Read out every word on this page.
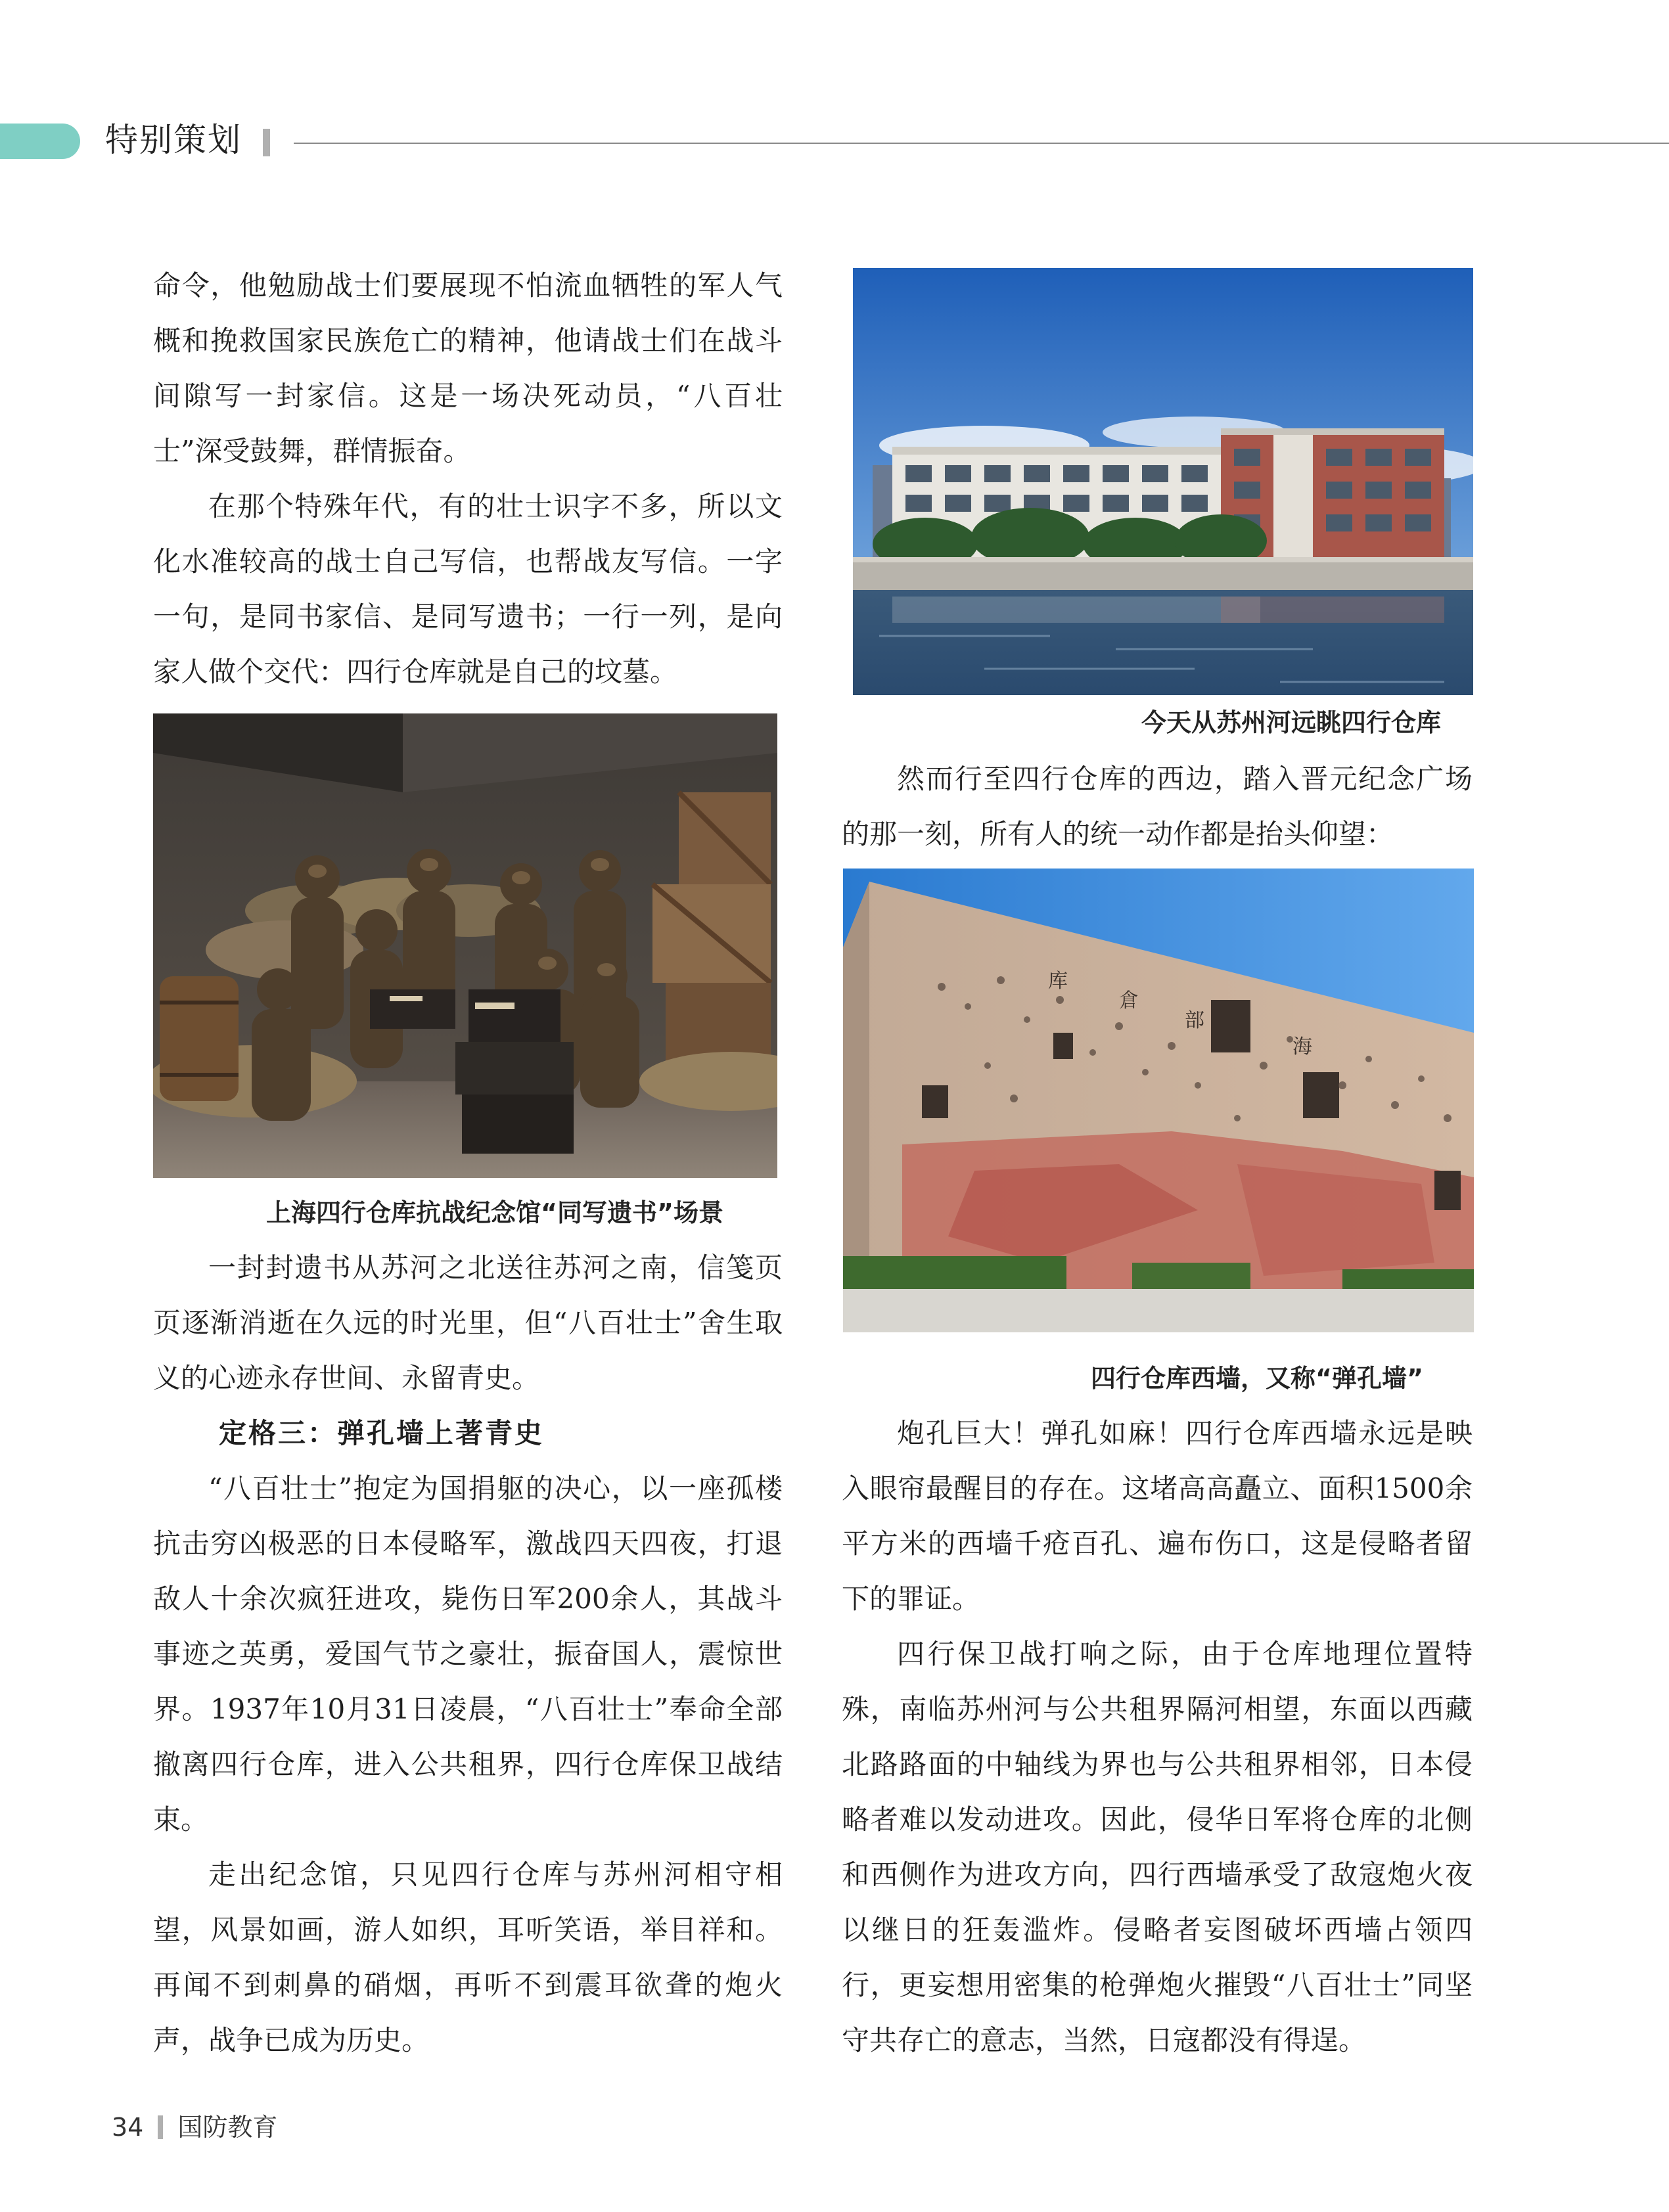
特别策划

命令，他勉励战士们要展现不怕流血牺牲的军人气概和挽救国家民族危亡的精神，他请战士们在战斗间隙写一封家信。这是一场决死动员，“八百壮士”深受鼓舞，群情振奋。

在那个特殊年代，有的壮士识字不多，所以文化水准较高的战士自己写信，也帮战友写信。一字一句，是同书家信、是同写遗书；一行一列，是向家人做个交代：四行仓库就是自己的坟墓。

上海四行仓库抗战纪念馆“同写遗书”场景

一封封遗书从苏河之北送往苏河之南，信笺页页逐渐消逝在久远的时光里，但“八百壮士”舍生取义的心迹永存世间、永留青史。

定格三：弹孔墙上著青史

“八百壮士”抱定为国捐躯的决心，以一座孤楼抗击穷凶极恶的日本侵略军，激战四天四夜，打退敌人十余次疯狂进攻，毙伤日军200余人，其战斗事迹之英勇，爱国气节之豪壮，振奋国人，震惊世界。1937年10月31日凌晨，“八百壮士”奉命全部撤离四行仓库，进入公共租界，四行仓库保卫战结束。

走出纪念馆，只见四行仓库与苏州河相守相望，风景如画，游人如织，耳听笑语，举目祥和。再闻不到刺鼻的硝烟，再听不到震耳欲聋的炮火声，战争已成为历史。

今天从苏州河远眺四行仓库

然而行至四行仓库的西边，踏入晋元纪念广场的那一刻，所有人的统一动作都是抬头仰望：

库
倉
部
海
四行仓库西墙，又称“弹孔墙”

炮孔巨大！弹孔如麻！四行仓库西墙永远是映入眼帘最醒目的存在。这堵高高矗立、面积1500余平方米的西墙千疮百孔、遍布伤口，这是侵略者留下的罪证。

四行保卫战打响之际，由于仓库地理位置特殊，南临苏州河与公共租界隔河相望，东面以西藏北路路面的中轴线为界也与公共租界相邻，日本侵略者难以发动进攻。因此，侵华日军将仓库的北侧和西侧作为进攻方向，四行西墙承受了敌寇炮火夜以继日的狂轰滥炸。侵略者妄图破坏西墙占领四行，更妄想用密集的枪弹炮火摧毁“八百壮士”同坚守共存亡的意志，当然，日寇都没有得逞。

34 国防教育
